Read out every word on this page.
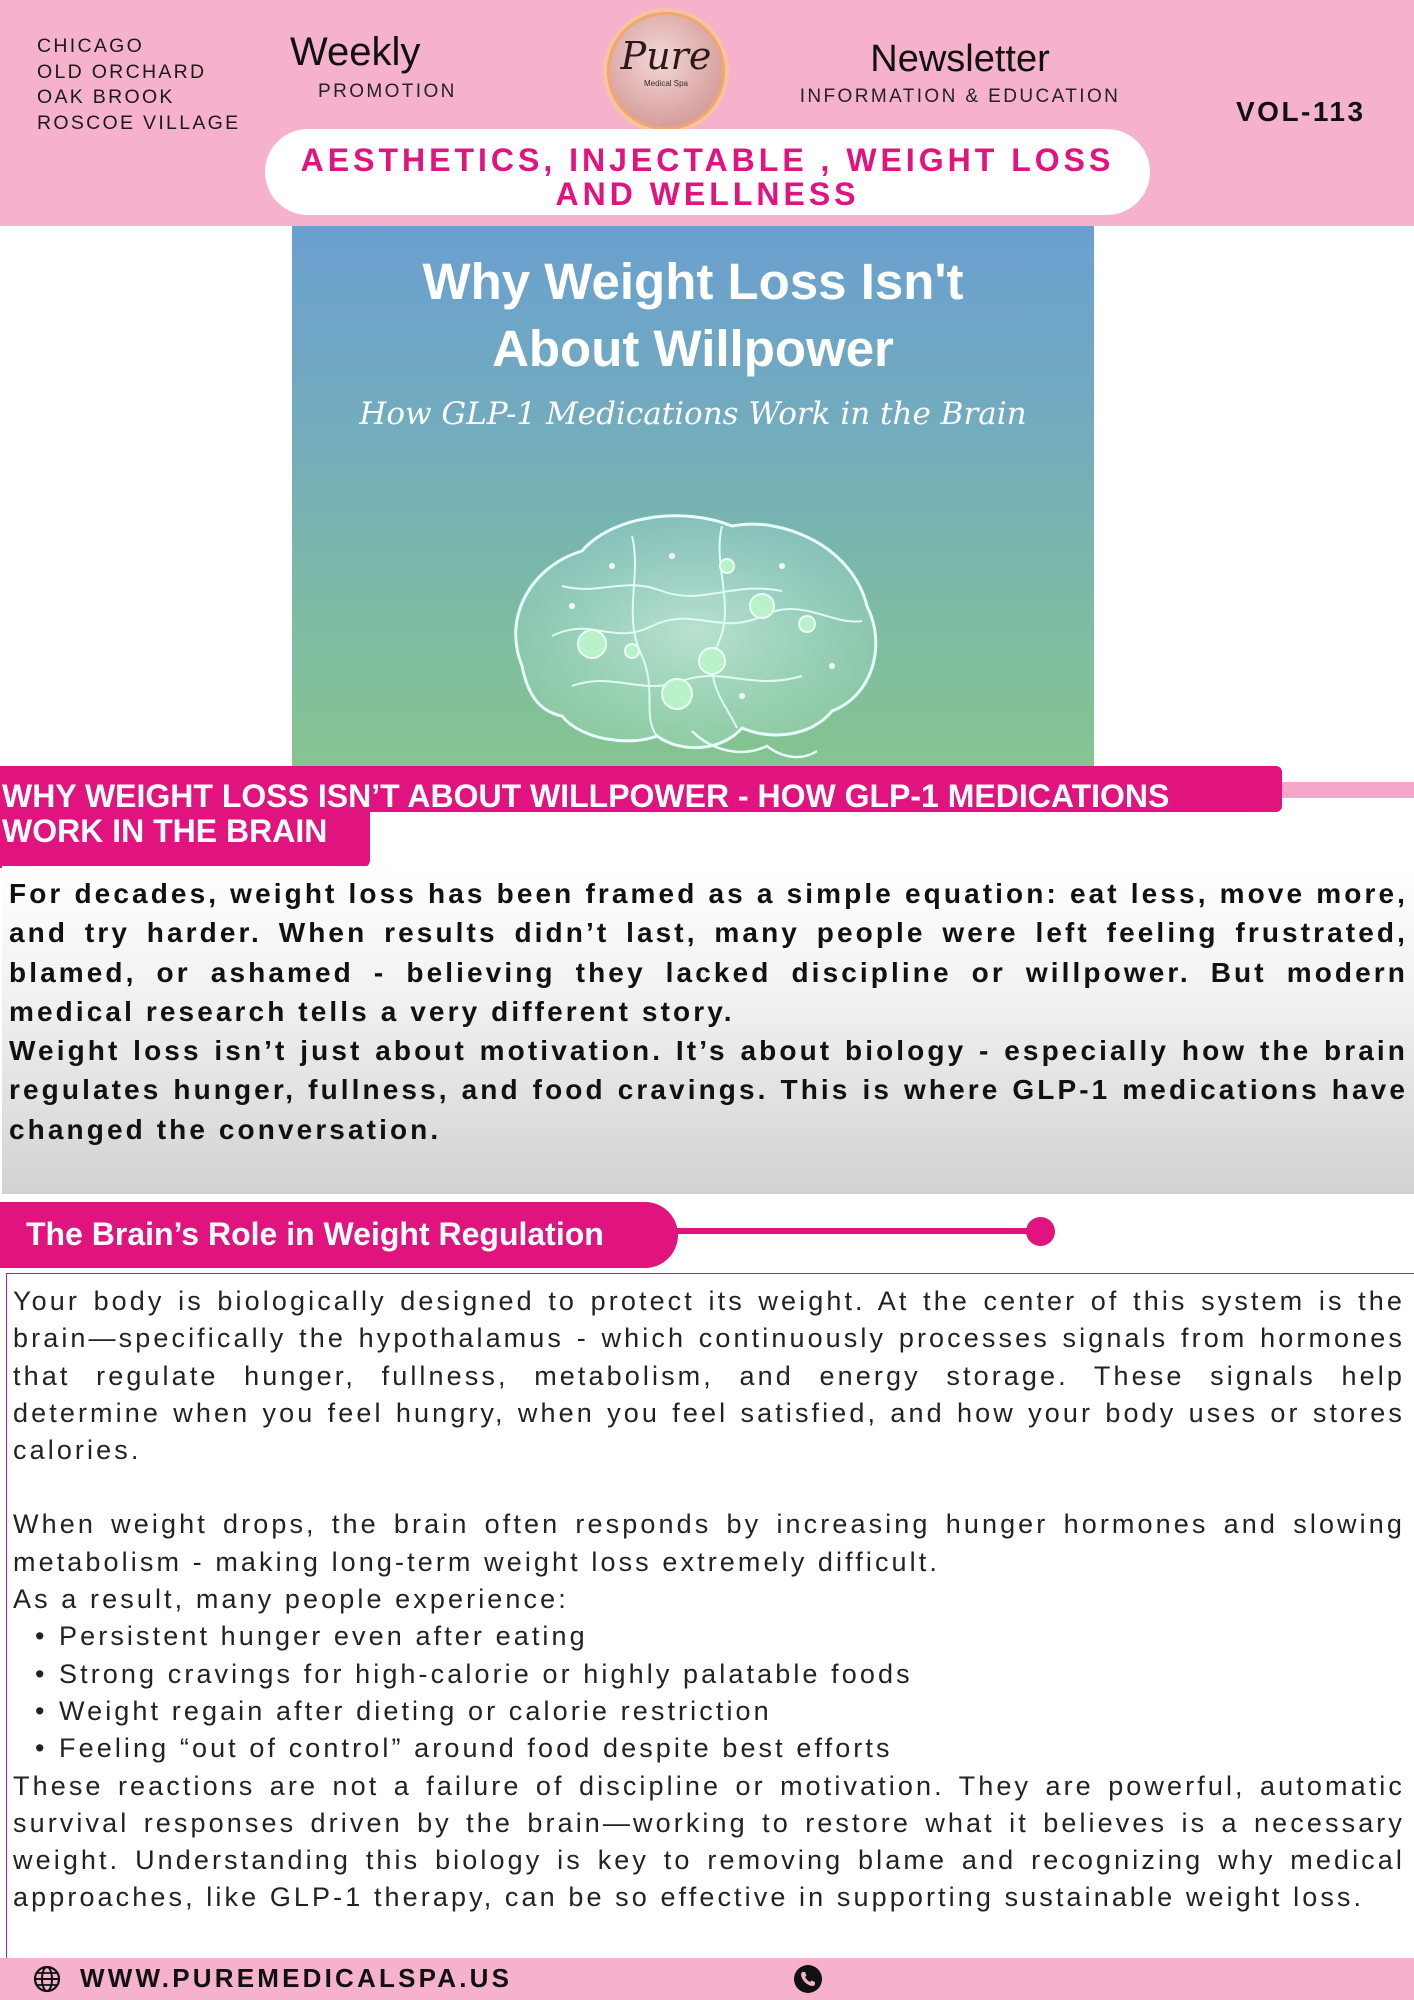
CHICAGO
OLD ORCHARD
OAK BROOK
ROSCOE VILLAGE
Weekly
PROMOTION
Pure
Medical Spa
Newsletter
INFORMATION & EDUCATION	VOL-113
AESTHETICS, INJECTABLE , WEIGHT LOSS
AND WELLNESS
Why Weight Loss Isn't
About Willpower
How GLP-1 Medications Work in the Brain
WHY WEIGHT LOSS ISN’T ABOUT WILLPOWER - HOW GLP-1 MEDICATIONS
WORK IN THE BRAIN

For decades, weight loss has been framed as a simple equation: eat less, move more, and try harder. When results didn’t last, many people were left feeling frustrated, blamed, or ashamed - believing they lacked discipline or willpower. But modern medical research tells a very different story.

Weight loss isn’t just about motivation. It’s about biology - especially how the brain regulates hunger, fullness, and food cravings. This is where GLP-1 medications have changed the conversation.

The Brain’s Role in Weight Regulation

Your body is biologically designed to protect its weight. At the center of this system is the brain—specifically the hypothalamus - which continuously processes signals from hormones that regulate hunger, fullness, metabolism, and energy storage. These signals help determine when you feel hungry, when you feel satisfied, and how your body uses or stores calories.

When weight drops, the brain often responds by increasing hunger hormones and slowing metabolism - making long-term weight loss extremely difficult.

As a result, many people experience:

• Persistent hunger even after eating
• Strong cravings for high-calorie or highly palatable foods
• Weight regain after dieting or calorie restriction
• Feeling “out of control” around food despite best efforts

These reactions are not a failure of discipline or motivation. They are powerful, automatic survival responses driven by the brain—working to restore what it believes is a necessary weight. Understanding this biology is key to removing blame and recognizing why medical approaches, like GLP-1 therapy, can be so effective in supporting sustainable weight loss.

WWW.PUREMEDICALSPA.US
